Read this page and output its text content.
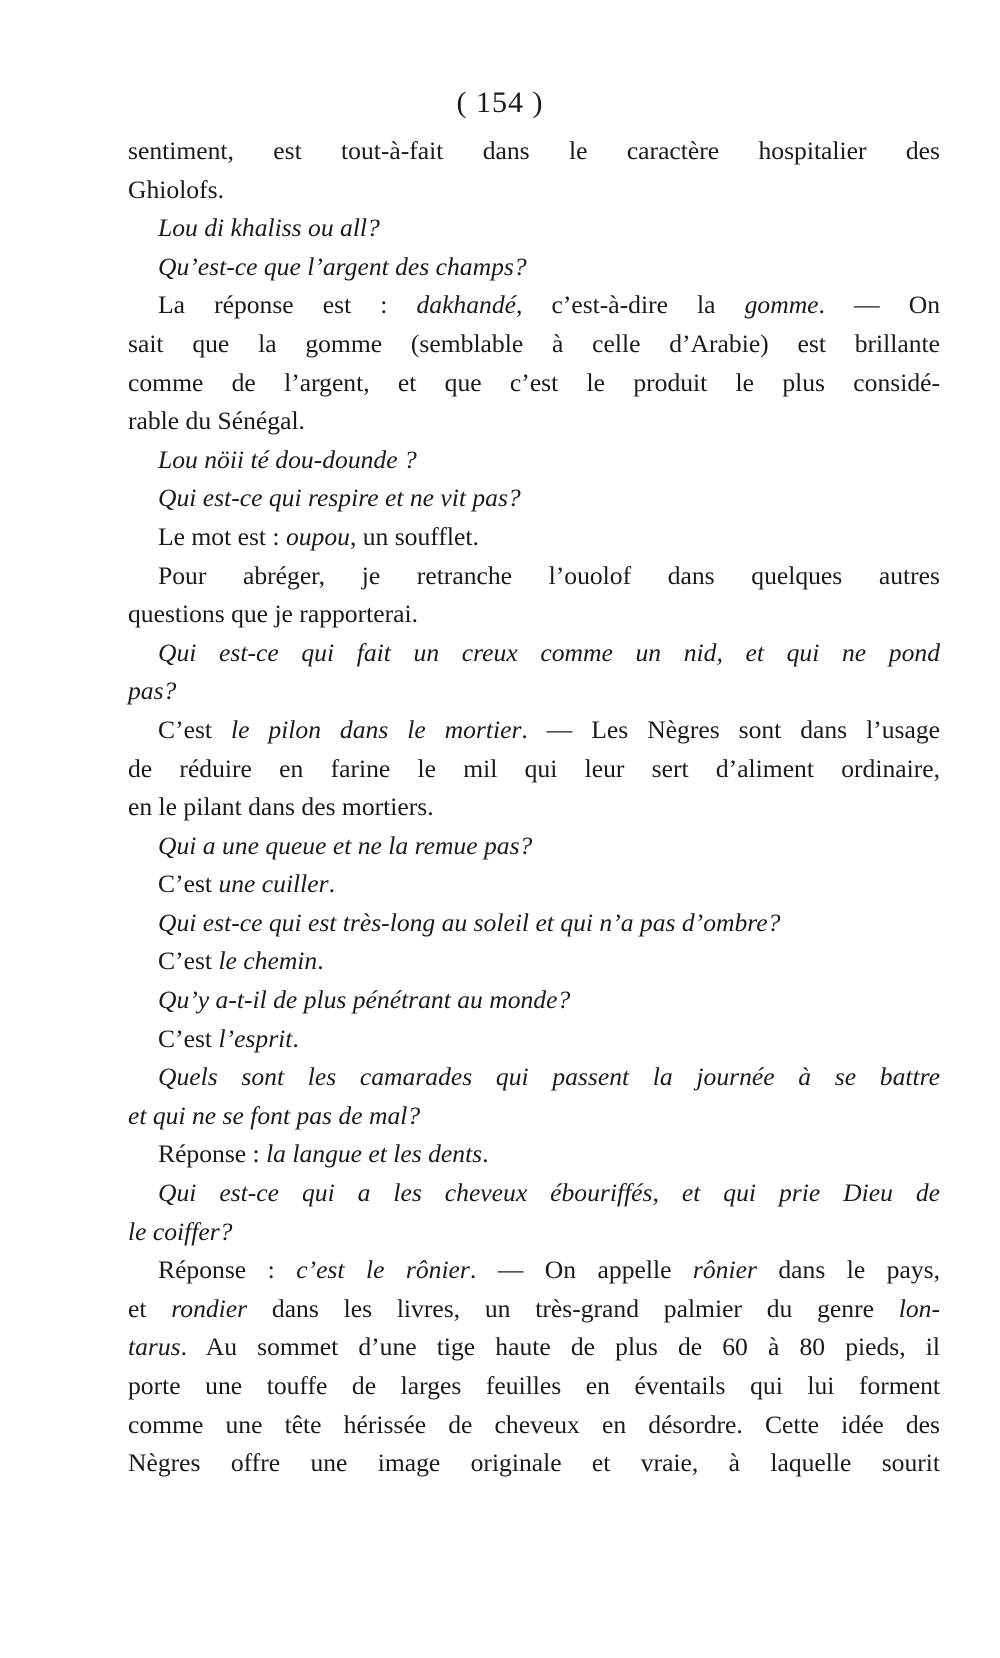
( 154 )
sentiment, est tout-à-fait dans le caractère hospitalier des
Ghiolofs.
Lou di khaliss ou all?
Qu’est-ce que l’argent des champs?
La réponse est : dakhandé, c’est-à-dire la gomme. — On
sait que la gomme (semblable à celle d’Arabie) est brillante
comme de l’argent, et que c’est le produit le plus considé-
rable du Sénégal.
Lou nöii té dou-dounde ?
Qui est-ce qui respire et ne vit pas?
Le mot est : oupou, un soufflet.
Pour abréger, je retranche l’ouolof dans quelques autres
questions que je rapporterai.
Qui est-ce qui fait un creux comme un nid, et qui ne pond
pas?
C’est le pilon dans le mortier. — Les Nègres sont dans l’usage
de réduire en farine le mil qui leur sert d’aliment ordinaire,
en le pilant dans des mortiers.
Qui a une queue et ne la remue pas?
C’est une cuiller.
Qui est-ce qui est très-long au soleil et qui n’a pas d’ombre?
C’est le chemin.
Qu’y a-t-il de plus pénétrant au monde?
C’est l’esprit.
Quels sont les camarades qui passent la journée à se battre
et qui ne se font pas de mal?
Réponse : la langue et les dents.
Qui est-ce qui a les cheveux ébouriffés, et qui prie Dieu de
le coiffer?
Réponse : c’est le rônier. — On appelle rônier dans le pays,
et rondier dans les livres, un très-grand palmier du genre lon-
tarus. Au sommet d’une tige haute de plus de 60 à 80 pieds, il
porte une touffe de larges feuilles en éventails qui lui forment
comme une tête hérissée de cheveux en désordre. Cette idée des
Nègres offre une image originale et vraie, à laquelle sourit
